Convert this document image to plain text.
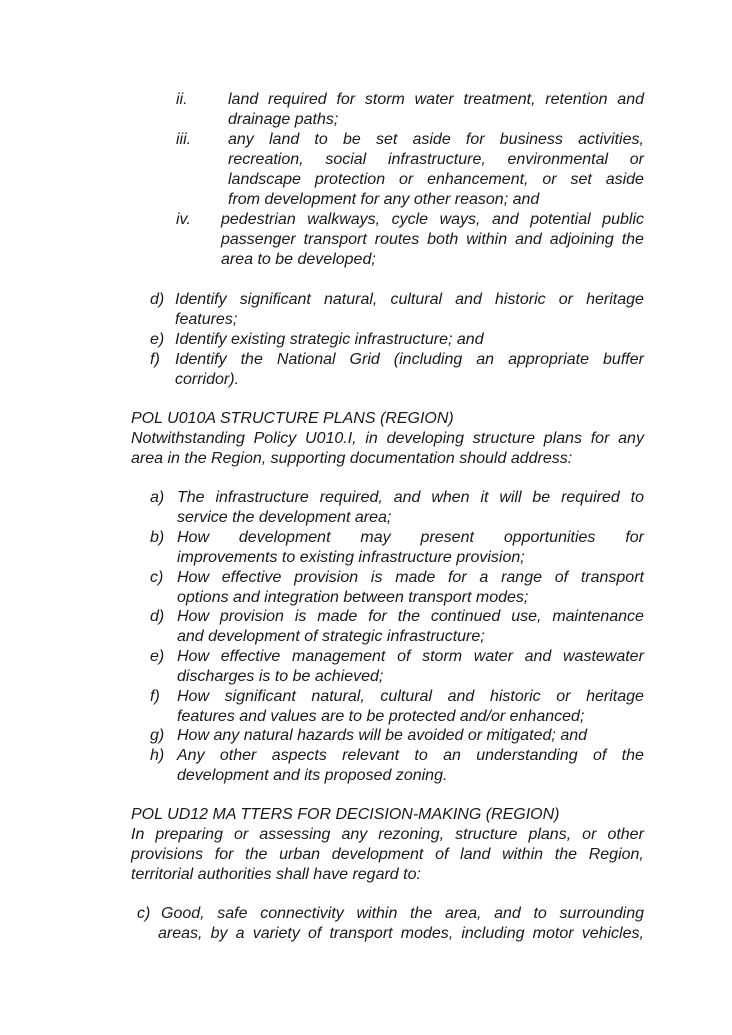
ii.	land required for storm water treatment, retention and
drainage paths;
iii. any land to be set aside for business activities,
recreation, social infrastructure, environmental or
landscape protection or enhancement, or set aside
from development for any other reason; and
iv. pedestrian walkways, cycle ways, and potential public
passenger transport routes both within and adjoining the
area to be developed;
d) Identify significant natural, cultural and historic or heritage
features;
e) Identify existing strategic infrastructure; and
f) Identify the National Grid (including an appropriate buffer
corridor).
POL U010A STRUCTURE PLANS (REGION)
Notwithstanding Policy U010.I, in developing structure plans for any
area in the Region, supporting documentation should address:
a) The infrastructure required, and when it will be required to
service the development area;
b) How development may present opportunities for
improvements to existing infrastructure provision;
c) How effective provision is made for a range of transport
options and integration between transport modes;
d) How provision is made for the continued use, maintenance
and development of strategic infrastructure;
e) How effective management of storm water and wastewater
discharges is to be achieved;
f) How significant natural, cultural and historic or heritage
features and values are to be protected and/or enhanced;
g) How any natural hazards will be avoided or mitigated; and
h) Any other aspects relevant to an understanding of the
development and its proposed zoning.
POL UD12 MA TTERS FOR DECISION-MAKING (REGION)
In preparing or assessing any rezoning, structure plans, or other
provisions for the urban development of land within the Region,
territorial authorities shall have regard to:
c) Good, safe connectivity within the area, and to surrounding
areas, by a variety of transport modes, including motor vehicles,
